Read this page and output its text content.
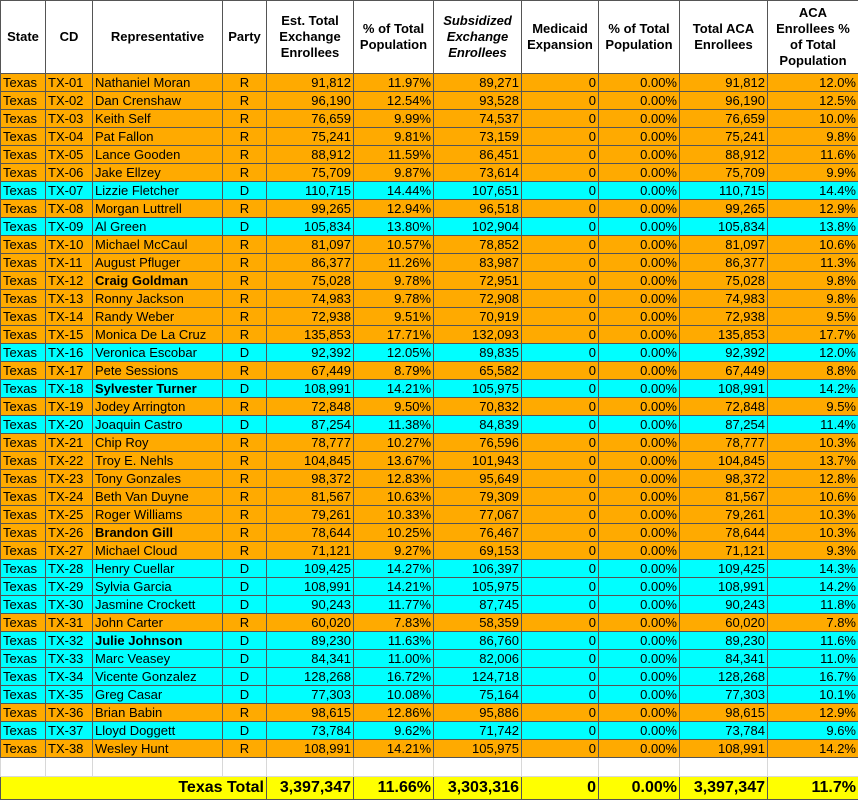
State	CD	Representative	Party	Est. Total Exchange Enrollees	% of Total Population	Subsidized Exchange Enrollees	Medicaid Expansion	% of Total Population	Total ACA Enrollees	ACA Enrollees % of Total Population
Texas	TX-01	Nathaniel Moran	R	91,812	11.97%	89,271	0	0.00%	91,812	12.0%
Texas	TX-02	Dan Crenshaw	R	96,190	12.54%	93,528	0	0.00%	96,190	12.5%
Texas	TX-03	Keith Self	R	76,659	9.99%	74,537	0	0.00%	76,659	10.0%
Texas	TX-04	Pat Fallon	R	75,241	9.81%	73,159	0	0.00%	75,241	9.8%
Texas	TX-05	Lance Gooden	R	88,912	11.59%	86,451	0	0.00%	88,912	11.6%
Texas	TX-06	Jake Ellzey	R	75,709	9.87%	73,614	0	0.00%	75,709	9.9%
Texas	TX-07	Lizzie Fletcher	D	110,715	14.44%	107,651	0	0.00%	110,715	14.4%
Texas	TX-08	Morgan Luttrell	R	99,265	12.94%	96,518	0	0.00%	99,265	12.9%
Texas	TX-09	Al Green	D	105,834	13.80%	102,904	0	0.00%	105,834	13.8%
Texas	TX-10	Michael McCaul	R	81,097	10.57%	78,852	0	0.00%	81,097	10.6%
Texas	TX-11	August Pfluger	R	86,377	11.26%	83,987	0	0.00%	86,377	11.3%
Texas	TX-12	Craig Goldman	R	75,028	9.78%	72,951	0	0.00%	75,028	9.8%
Texas	TX-13	Ronny Jackson	R	74,983	9.78%	72,908	0	0.00%	74,983	9.8%
Texas	TX-14	Randy Weber	R	72,938	9.51%	70,919	0	0.00%	72,938	9.5%
Texas	TX-15	Monica De La Cruz	R	135,853	17.71%	132,093	0	0.00%	135,853	17.7%
Texas	TX-16	Veronica Escobar	D	92,392	12.05%	89,835	0	0.00%	92,392	12.0%
Texas	TX-17	Pete Sessions	R	67,449	8.79%	65,582	0	0.00%	67,449	8.8%
Texas	TX-18	Sylvester Turner	D	108,991	14.21%	105,975	0	0.00%	108,991	14.2%
Texas	TX-19	Jodey Arrington	R	72,848	9.50%	70,832	0	0.00%	72,848	9.5%
Texas	TX-20	Joaquin Castro	D	87,254	11.38%	84,839	0	0.00%	87,254	11.4%
Texas	TX-21	Chip Roy	R	78,777	10.27%	76,596	0	0.00%	78,777	10.3%
Texas	TX-22	Troy E. Nehls	R	104,845	13.67%	101,943	0	0.00%	104,845	13.7%
Texas	TX-23	Tony Gonzales	R	98,372	12.83%	95,649	0	0.00%	98,372	12.8%
Texas	TX-24	Beth Van Duyne	R	81,567	10.63%	79,309	0	0.00%	81,567	10.6%
Texas	TX-25	Roger Williams	R	79,261	10.33%	77,067	0	0.00%	79,261	10.3%
Texas	TX-26	Brandon Gill	R	78,644	10.25%	76,467	0	0.00%	78,644	10.3%
Texas	TX-27	Michael Cloud	R	71,121	9.27%	69,153	0	0.00%	71,121	9.3%
Texas	TX-28	Henry Cuellar	D	109,425	14.27%	106,397	0	0.00%	109,425	14.3%
Texas	TX-29	Sylvia Garcia	D	108,991	14.21%	105,975	0	0.00%	108,991	14.2%
Texas	TX-30	Jasmine Crockett	D	90,243	11.77%	87,745	0	0.00%	90,243	11.8%
Texas	TX-31	John Carter	R	60,020	7.83%	58,359	0	0.00%	60,020	7.8%
Texas	TX-32	Julie Johnson	D	89,230	11.63%	86,760	0	0.00%	89,230	11.6%
Texas	TX-33	Marc Veasey	D	84,341	11.00%	82,006	0	0.00%	84,341	11.0%
Texas	TX-34	Vicente Gonzalez	D	128,268	16.72%	124,718	0	0.00%	128,268	16.7%
Texas	TX-35	Greg Casar	D	77,303	10.08%	75,164	0	0.00%	77,303	10.1%
Texas	TX-36	Brian Babin	R	98,615	12.86%	95,886	0	0.00%	98,615	12.9%
Texas	TX-37	Lloyd Doggett	D	73,784	9.62%	71,742	0	0.00%	73,784	9.6%
Texas	TX-38	Wesley Hunt	R	108,991	14.21%	105,975	0	0.00%	108,991	14.2%

Texas Total				3,397,347	11.66%	3,303,316	0	0.00%	3,397,347	11.7%
